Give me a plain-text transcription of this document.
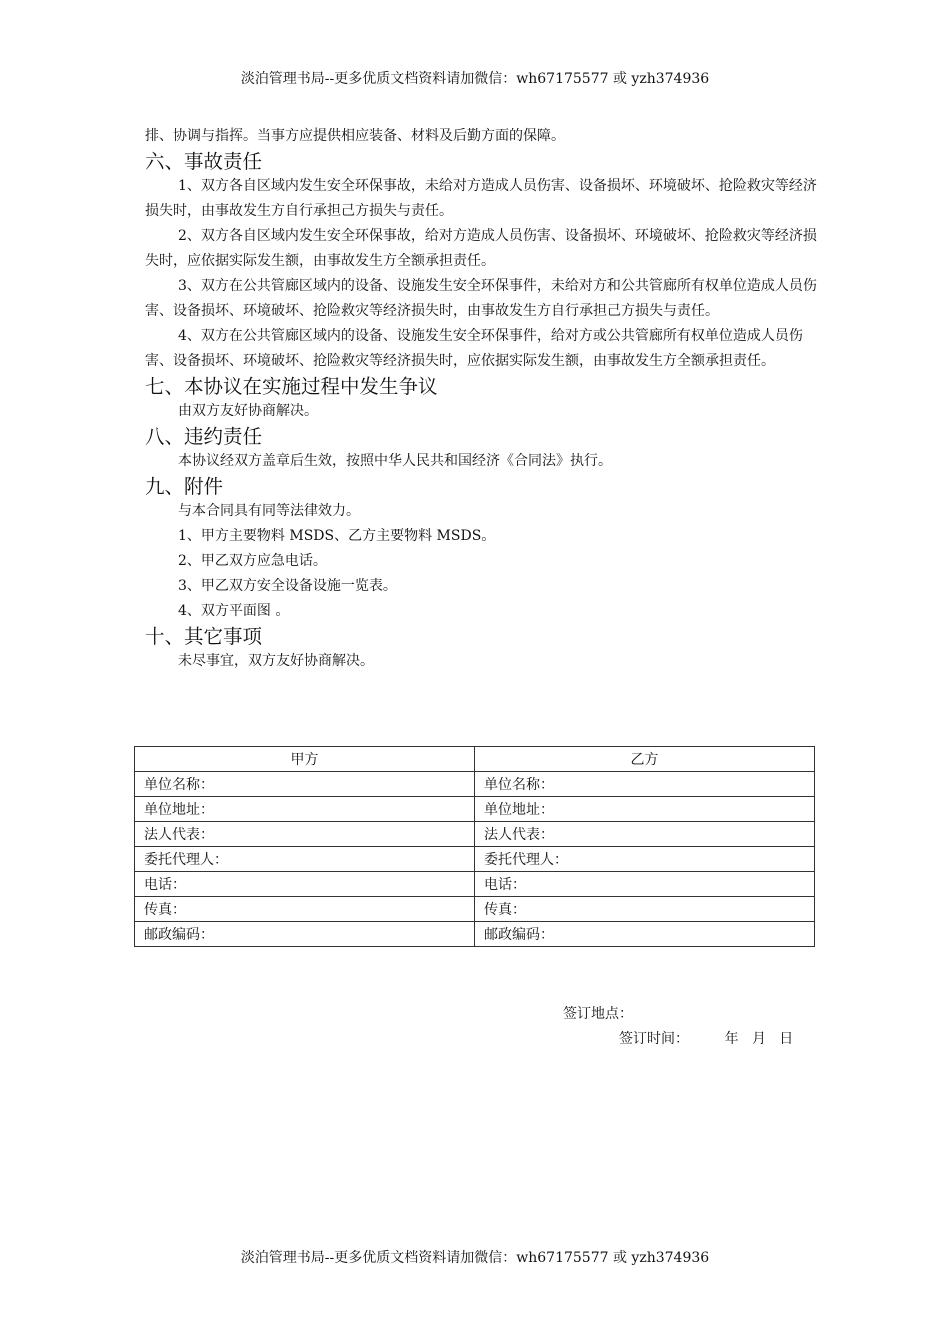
淡泊管理书局--更多优质文档资料请加微信：wh67175577 或 yzh374936

排、协调与指挥。当事方应提供相应装备、材料及后勤方面的保障。

六、事故责任

1、双方各自区域内发生安全环保事故，未给对方造成人员伤害、设备损坏、环境破坏、抢险救灾等经济损失时，由事故发生方自行承担己方损失与责任。

2、双方各自区域内发生安全环保事故，给对方造成人员伤害、设备损坏、环境破坏、抢险救灾等经济损失时，应依据实际发生额，由事故发生方全额承担责任。

3、双方在公共管廊区域内的设备、设施发生安全环保事件，未给对方和公共管廊所有权单位造成人员伤害、设备损坏、环境破坏、抢险救灾等经济损失时，由事故发生方自行承担己方损失与责任。

4、双方在公共管廊区域内的设备、设施发生安全环保事件，给对方或公共管廊所有权单位造成人员伤害、设备损坏、环境破坏、抢险救灾等经济损失时，应依据实际发生额，由事故发生方全额承担责任。

七、本协议在实施过程中发生争议

由双方友好协商解决。

八、违约责任

本协议经双方盖章后生效，按照中华人民共和国经济《合同法》执行。

九、附件

与本合同具有同等法律效力。

1、甲方主要物料 MSDS、乙方主要物料 MSDS。

2、甲乙双方应急电话。

3、甲乙双方安全设备设施一览表。

4、双方平面图 。

十、其它事项

未尽事宜，双方友好协商解决。

甲方	乙方
单位名称：	单位名称：
单位地址：	单位地址：
法人代表：	法人代表：
委托代理人：	委托代理人：
电话：	电话：
传真：	传真：
邮政编码：	邮政编码：
签订地点：
签订时间：        年   月   日
淡泊管理书局--更多优质文档资料请加微信：wh67175577 或 yzh374936
